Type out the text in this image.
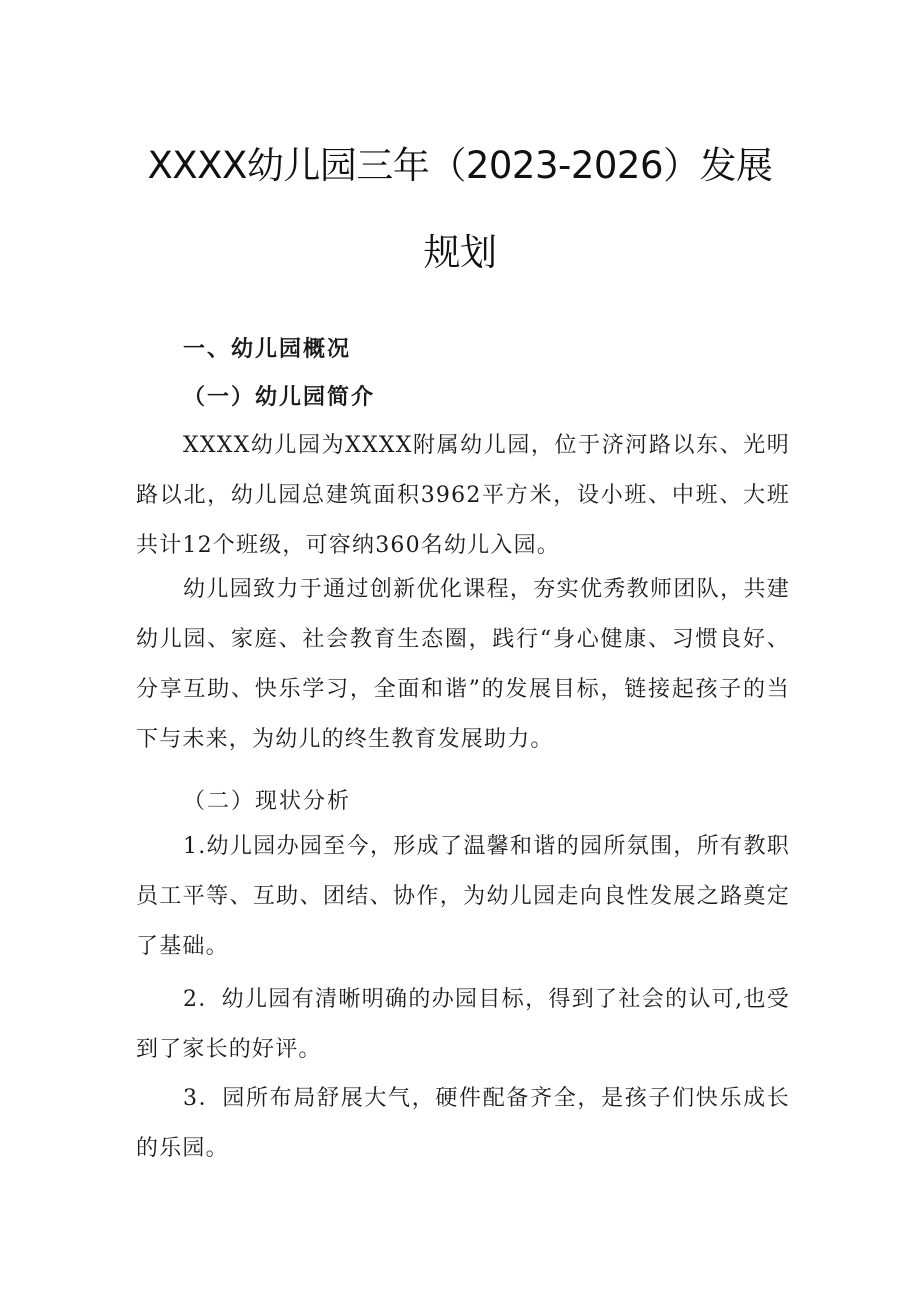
XXXX幼儿园三年（2023-2026）发展
规划
一、幼儿园概况
（一）幼儿园简介

XXXX幼儿园为XXXX附属幼儿园，位于济河路以东、光明路以北，幼儿园总建筑面积3962平方米，设小班、中班、大班共计12个班级，可容纳360名幼儿入园。

幼儿园致力于通过创新优化课程，夯实优秀教师团队，共建幼儿园、家庭、社会教育生态圈，践行“身心健康、习惯良好、分享互助、快乐学习，全面和谐”的发展目标，链接起孩子的当下与未来，为幼儿的终生教育发展助力。

（二）现状分析

1.幼儿园办园至今，形成了温馨和谐的园所氛围，所有教职员工平等、互助、团结、协作，为幼儿园走向良性发展之路奠定了基础。

2．幼儿园有清晰明确的办园目标，得到了社会的认可,也受到了家长的好评。

3．园所布局舒展大气，硬件配备齐全，是孩子们快乐成长的乐园。
